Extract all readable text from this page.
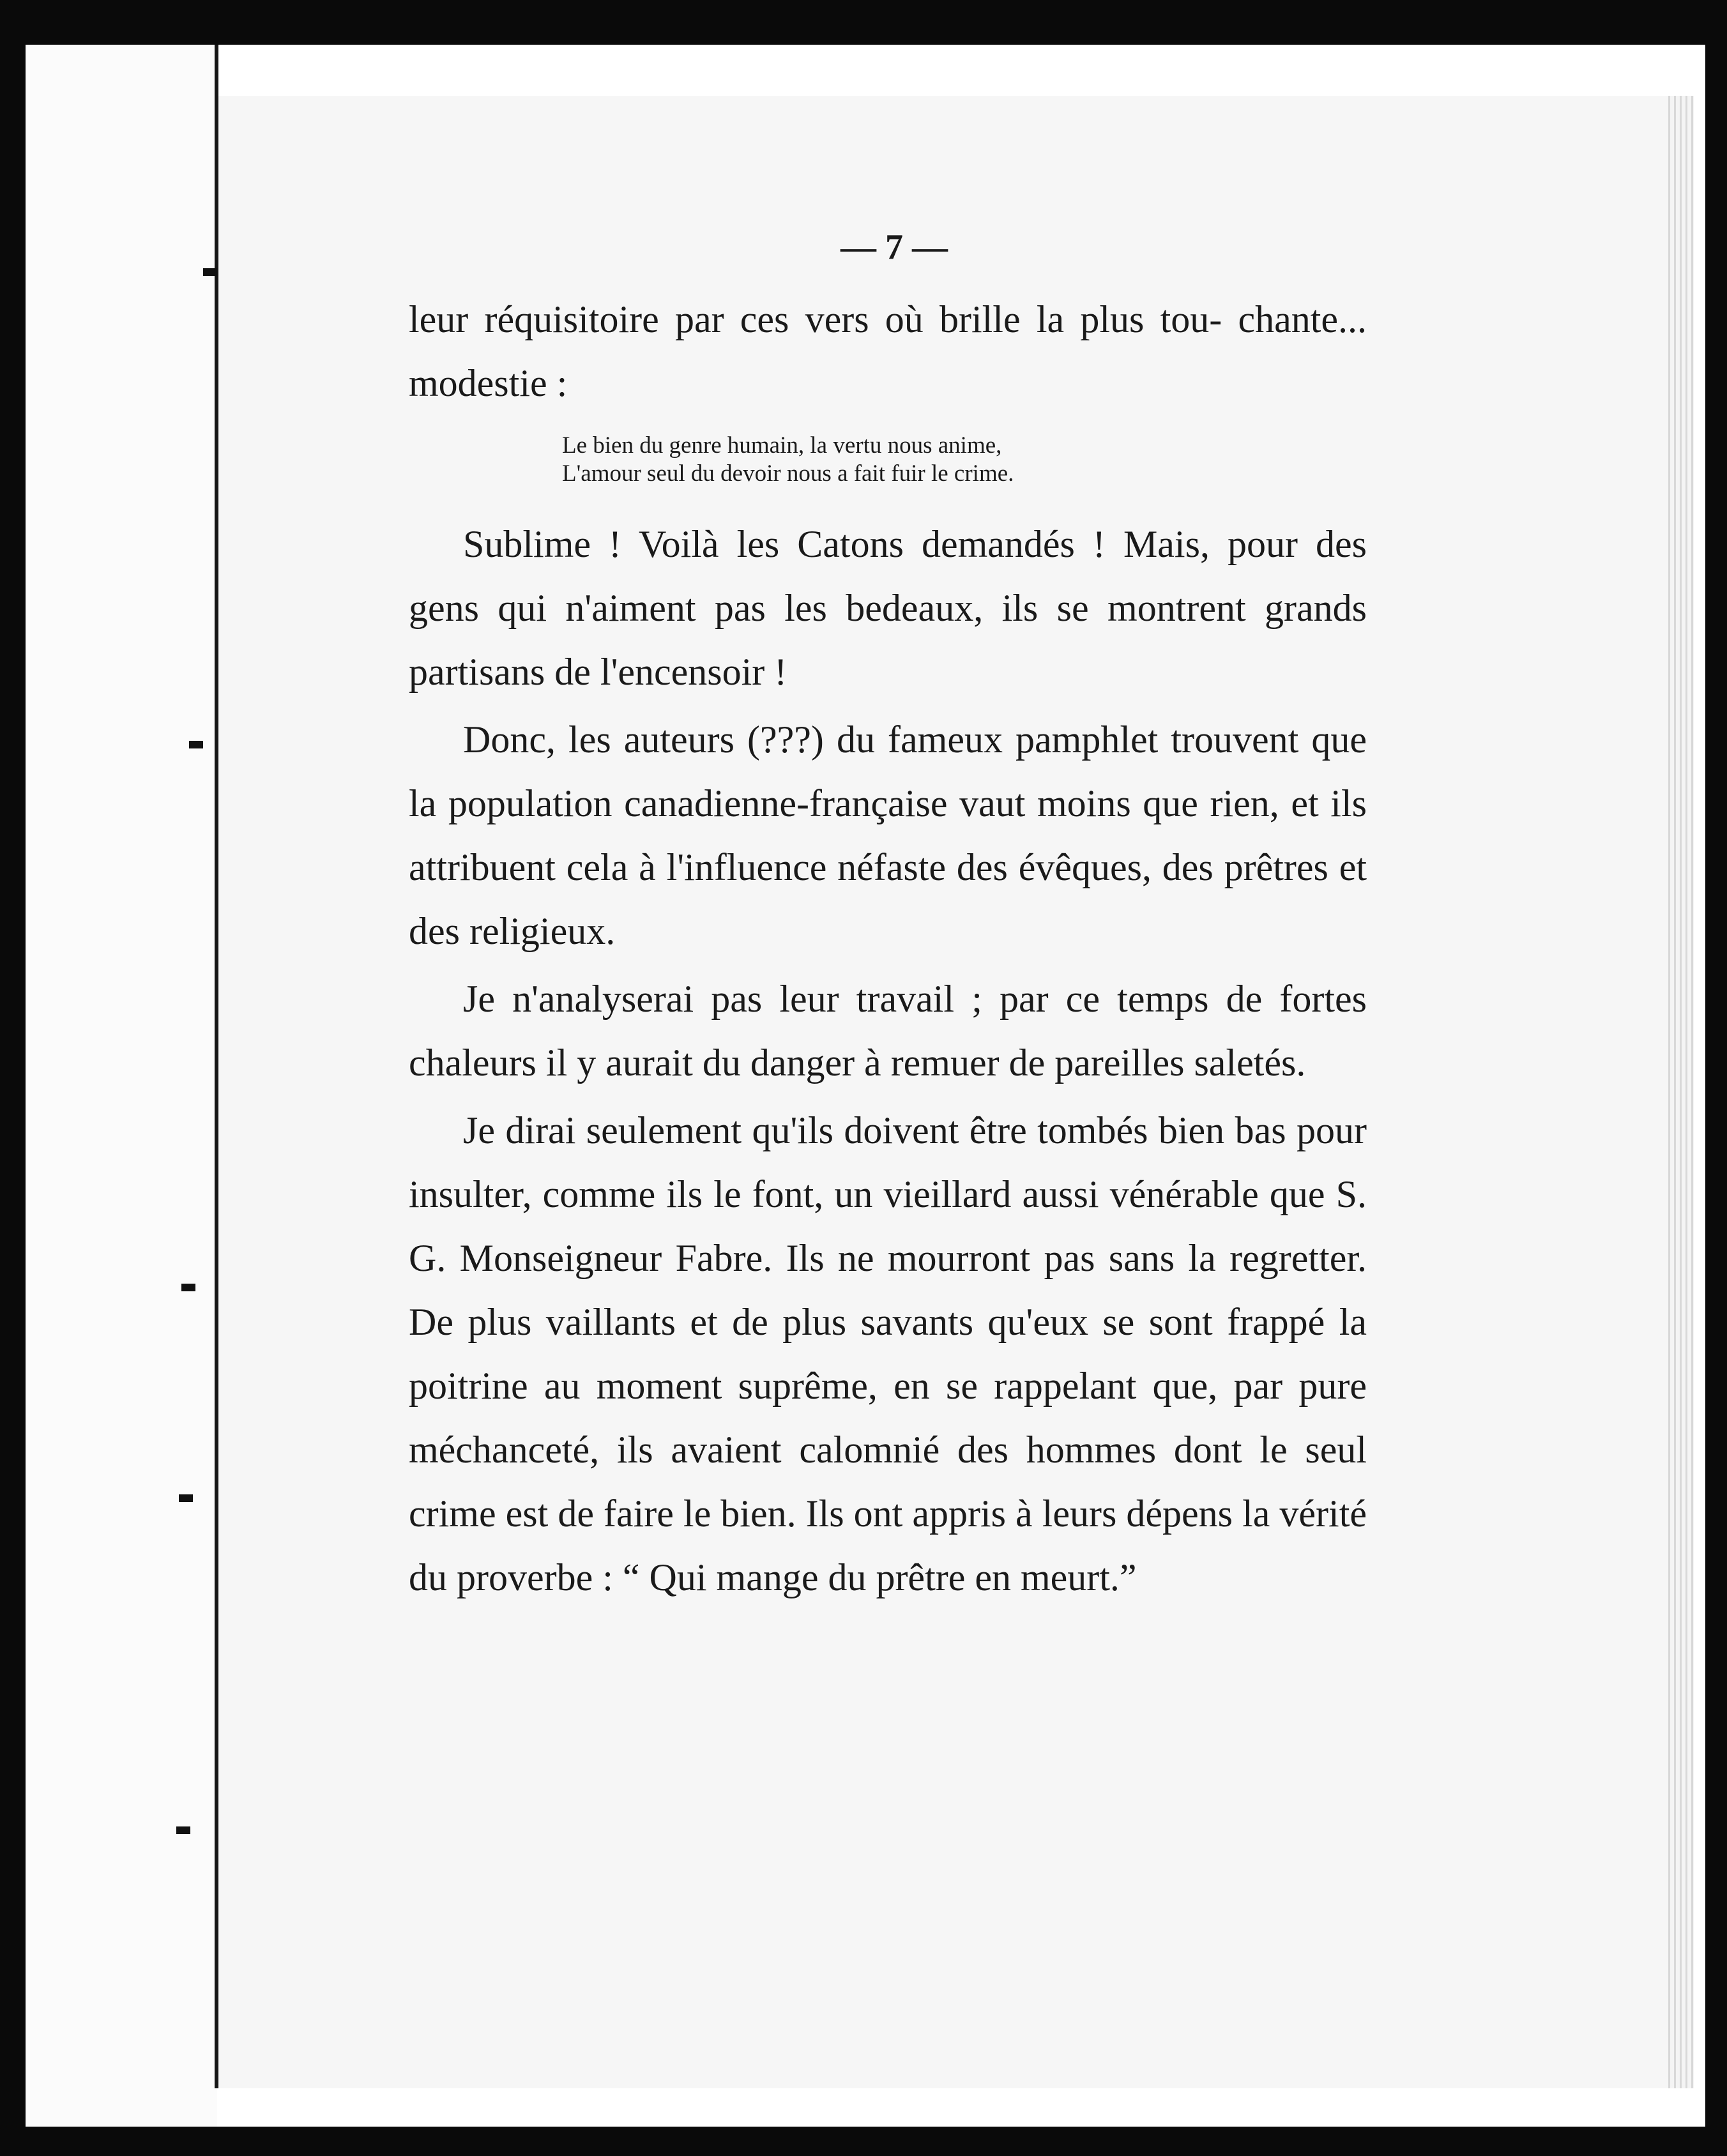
— 7 —

leur réquisitoire par ces vers où brille la plus tou- chante... modestie :

Le bien du genre humain, la vertu nous anime,
L'amour seul du devoir nous a fait fuir le crime.

Sublime ! Voilà les Catons demandés ! Mais, pour des gens qui n'aiment pas les bedeaux, ils se montrent grands partisans de l'encensoir !

Donc, les auteurs (???) du fameux pamphlet trouvent que la population canadienne-française vaut moins que rien, et ils attribuent cela à l'influence néfaste des évêques, des prêtres et des religieux.

Je n'analyserai pas leur travail ; par ce temps de fortes chaleurs il y aurait du danger à remuer de pareilles saletés.

Je dirai seulement qu'ils doivent être tombés bien bas pour insulter, comme ils le font, un vieillard aussi vénérable que S. G. Monseigneur Fabre. Ils ne mourront pas sans la regretter. De plus vaillants et de plus savants qu'eux se sont frappé la poitrine au moment suprême, en se rappelant que, par pure méchanceté, ils avaient calomnié des hommes dont le seul crime est de faire le bien. Ils ont appris à leurs dépens la vérité du proverbe : “ Qui mange du prêtre en meurt.”
